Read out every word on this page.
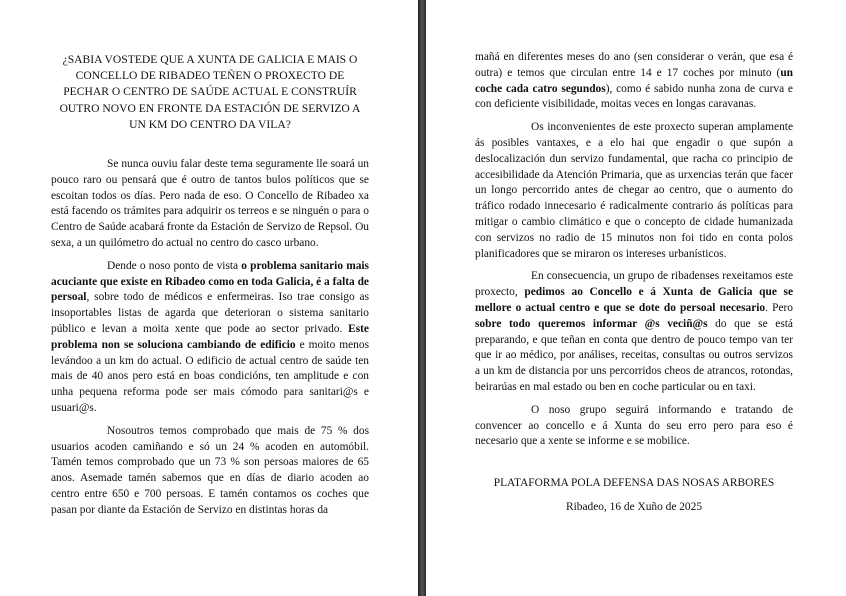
¿SABIA VOSTEDE QUE A XUNTA DE GALICIA E MAIS O CONCELLO DE RIBADEO TEÑEN O PROXECTO DE PECHAR O CENTRO DE SAÚDE ACTUAL E CONSTRUÍR OUTRO NOVO EN FRONTE DA ESTACIÓN DE SERVIZO A UN KM DO CENTRO DA VILA?

Se nunca ouviu falar deste tema seguramente lle soará un pouco raro ou pensará que é outro de tantos bulos políticos que se escoitan todos os días. Pero nada de eso. O Concello de Ribadeo xa está facendo os trámites para adquirir os terreos e se ninguén o para o Centro de Saúde acabará fronte da Estación de Servizo de Repsol. Ou sexa, a un quilómetro do actual no centro do casco urbano.

Dende o noso ponto de vista o problema sanitario mais acuciante que existe en Ribadeo como en toda Galicia, é a falta de persoal, sobre todo de médicos e enfermeiras. Iso trae consigo as insoportables listas de agarda que deterioran o sistema sanitario público e levan a moita xente que pode ao sector privado. Este problema non se soluciona cambiando de edificio e moito menos levándoo a un km do actual. O edificio de actual centro de saúde ten mais de 40 anos pero está en boas condicións, ten amplitude e con unha pequena reforma pode ser mais cómodo para sanitari@s e usuari@s.

Nosoutros temos comprobado que mais de 75 % dos usuarios acoden camiñando e só un 24 % acoden en automóbil. Tamén temos comprobado que un 73 % son persoas maiores de 65 anos. Asemade tamén sabemos que en días de diario acoden ao centro entre 650 e 700 persoas. E tamén contamos os coches que pasan por diante da Estación de Servizo en distintas horas da

mañá en diferentes meses do ano (sen considerar o verán, que esa é outra) e temos que circulan entre 14 e 17 coches por minuto (un coche cada catro segundos), como é sabido nunha zona de curva e con deficiente visibilidade, moitas veces en longas caravanas.

Os inconvenientes de este proxecto superan amplamente ás posibles vantaxes, e a elo hai que engadir o que supón a deslocalización dun servizo fundamental, que racha co principio de accesibilidade da Atención Primaria, que as urxencias terán que facer un longo percorrido antes de chegar ao centro, que o aumento do tráfico rodado innecesario é radicalmente contrario ás políticas para mitigar o cambio climático e que o concepto de cidade humanizada con servizos no radio de 15 minutos non foi tido en conta polos planificadores que se miraron os intereses urbanísticos.

En consecuencia, un grupo de ribadenses rexeitamos este proxecto, pedimos ao Concello e á Xunta de Galicia que se mellore o actual centro e que se dote do persoal necesario. Pero sobre todo queremos informar @s veciñ@s do que se está preparando, e que teñan en conta que dentro de pouco tempo van ter que ir ao médico, por análises, receitas, consultas ou outros servizos a un km de distancia por uns percorridos cheos de atrancos, rotondas, beirarúas en mal estado ou ben en coche particular ou en taxi.

O noso grupo seguirá informando e tratando de convencer ao concello e á Xunta do seu erro pero para eso é necesario que a xente se informe e se mobilice.

PLATAFORMA POLA DEFENSA DAS NOSAS ARBORES

Ribadeo, 16 de Xuño de 2025
